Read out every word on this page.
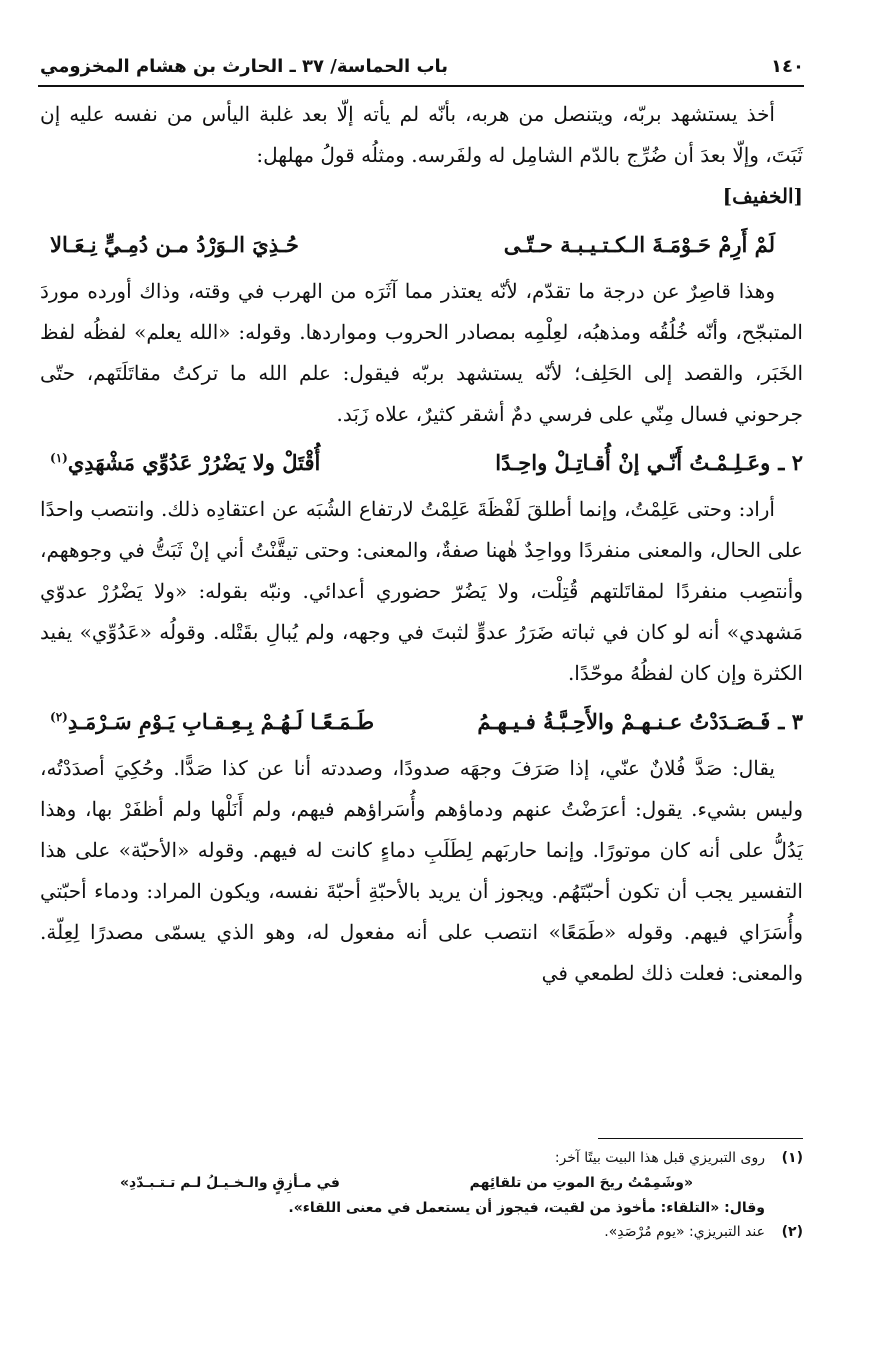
١٤٠
باب الحماسة/ ٣٧ ـ الحارث بن هشام المخزومي

أخذ يستشهد بربّه، ويتنصل من هربه، بأنّه لم يأته إلّا بعد غلبة اليأس من نفسه عليه إن ثَبَتَ، وإلّا بعدَ أن ضُرِّج بالدّم الشامِل له ولفَرسه. ومثلُه قولُ مهلهل:

[الخفيف]
لَمْ أَرِمْ حَـوْمَـةَ الـكـتـيـبـة حـتّـى
حُـذِيَ الـوَرْدُ مـن دُمِـيٍّ نِـعَـالا

وهذا قاصِرٌ عن درجة ما تقدّم، لأنّه يعتذر مما آثَرَه من الهرب في وقته، وذاك أورده موردَ المتبجّح، وأنّه خُلُقُه ومذهبُه، لعِلْمِه بمصادر الحروب ومواردها. وقوله: «الله يعلم» لفظُه لفظ الخَبَر، والقصد إلى الحَلِف؛ لأنّه يستشهد بربّه فيقول: علم الله ما تركتُ مقاتَلَتَهم، حتّى جرحوني فسال مِنّي على فرسي دمٌ أشقر كثيرٌ، علاه زَبَد.

٢ ـ
وعَـلِـمْـتُ أَنّـي إنْ أُقـاتِـلْ واحِـدًا
أُقْتَلْ ولا يَضْرُرْ عَدُوِّي مَشْهَدِي$^{(١)}$

أراد: وحتى عَلِمْتُ، وإنما أطلقَ لَفْظَةَ عَلِمْتُ لارتفاع الشُبَه عن اعتقادِه ذلك. وانتصب واحدًا على الحال، والمعنى منفردًا وواحِدٌ هٰهنا صفةٌ، والمعنى: وحتى تيقَّنْتُ أني إنْ ثَبَتُّ في وجوههم، وأنتصِب منفردًا لمقاتَلتهم قُتِلْت، ولا يَضُرّ حضوري أعدائي. ونبّه بقوله: «ولا يَضْرُرْ عدوّي مَشهدي» أنه لو كان في ثباته ضَرَرُ عدوٍّ لثبتَ في وجهه، ولم يُبالِ بقَتْله. وقولُه «عَدُوِّي» يفيد الكثرة وإن كان لفظُهُ موحّدًا.

٣ ـ
فَـصَـدَدْتُ عـنـهـمْ والأَحِـبَّـةُ فـيـهـمُ
طَـمَـعًـا لَـهُـمْ بِـعِـقـابِ يَـوْمِ سَـرْمَـدِ$^{(٢)}$

يقال: صَدَّ فُلانٌ عنّي، إذا صَرَفَ وجهَه صدودًا، وصددته أنا عن كذا صَدًّا. وحُكِيَ أصدَدْتُه، وليس بشيء. يقول: أعرَضْتُ عنهم ودماؤهم وأُسَراؤهم فيهم، ولم أَنَلْها ولم أظفَرْ بها، وهذا يَدُلُّ على أنه كان موتورًا. وإنما حاربَهم لِطَلَبِ دماءٍ كانت له فيهم. وقوله «الأحبّة» على هذا التفسير يجب أن تكون أحبّتَهُم. ويجوز أن يريد بالأحبّةِ أحبّةَ نفسه، ويكون المراد: ودماء أحبّتي وأُسَرَاي فيهم. وقوله «طَمَعًا» انتصب على أنه مفعول له، وهو الذي يسمّى مصدرًا لِعِلّة. والمعنى: فعلت ذلك لطمعي في

(١)
روى التبريزي قبل هذا البيت بيتًا آخر:
«وشَمِمْتُ ريحَ الموتِ من تلقائِهم
في مـأزِقٍ والـخـيـلُ لـم تـتـبـدّدِ»
وقال: «التلقاء: مأخوذ من لقيت، فيجوز أن يستعمل في معنى اللقاء».
(٢)
عند التبريزي: «يوم مُرْصَدِ».
